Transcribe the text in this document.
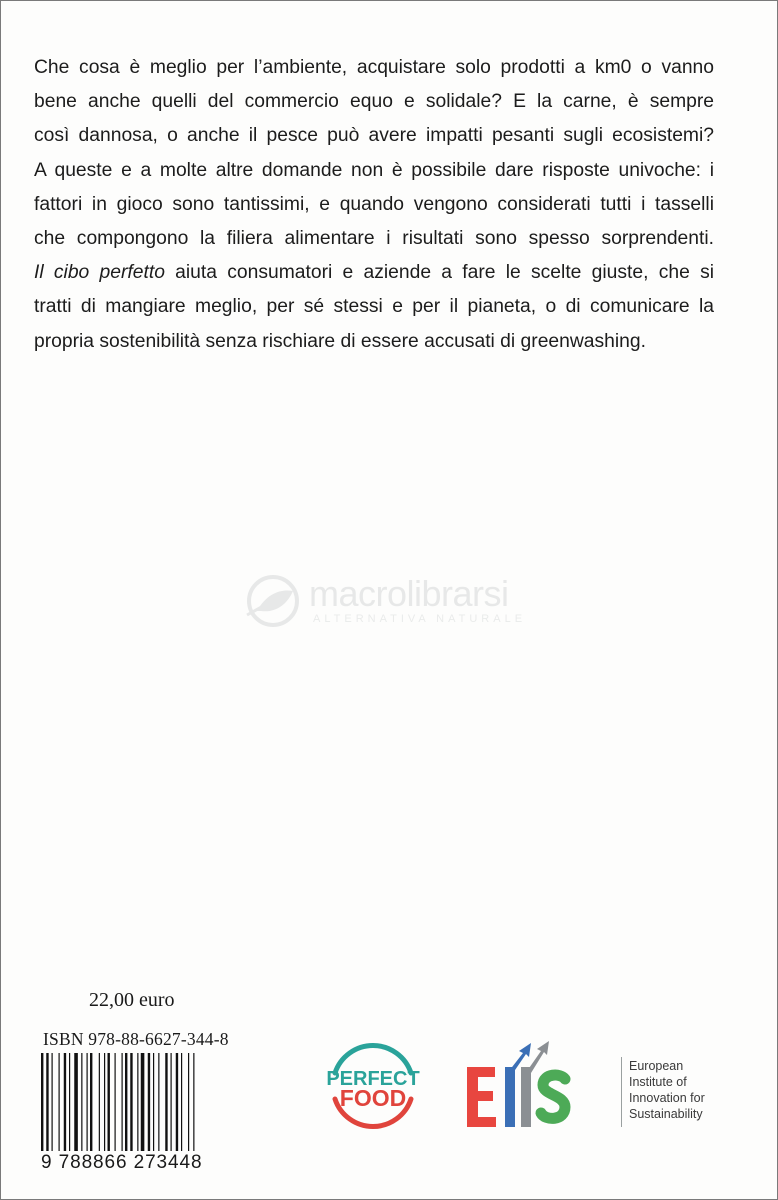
Che cosa è meglio per l’ambiente, acquistare solo prodotti a km0 o vanno
bene anche quelli del commercio equo e solidale? E la carne, è sempre
così dannosa, o anche il pesce può avere impatti pesanti sugli ecosistemi?
A queste e a molte altre domande non è possibile dare risposte univoche: i
fattori in gioco sono tantissimi, e quando vengono considerati tutti i tasselli
che compongono la filiera alimentare i risultati sono spesso sorprendenti.
Il cibo perfetto aiuta consumatori e aziende a fare le scelte giuste, che si
tratti di mangiare meglio, per sé stessi e per il pianeta, o di comunicare la
propria sostenibilità senza rischiare di essere accusati di greenwashing.
macrolibrarsi
ALTERNATIVA NATURALE
22,00 euro
ISBN 978-88-6627-344-8
9 788866 273448
PERFECT
FOOD
European
Institute of
Innovation for
Sustainability
